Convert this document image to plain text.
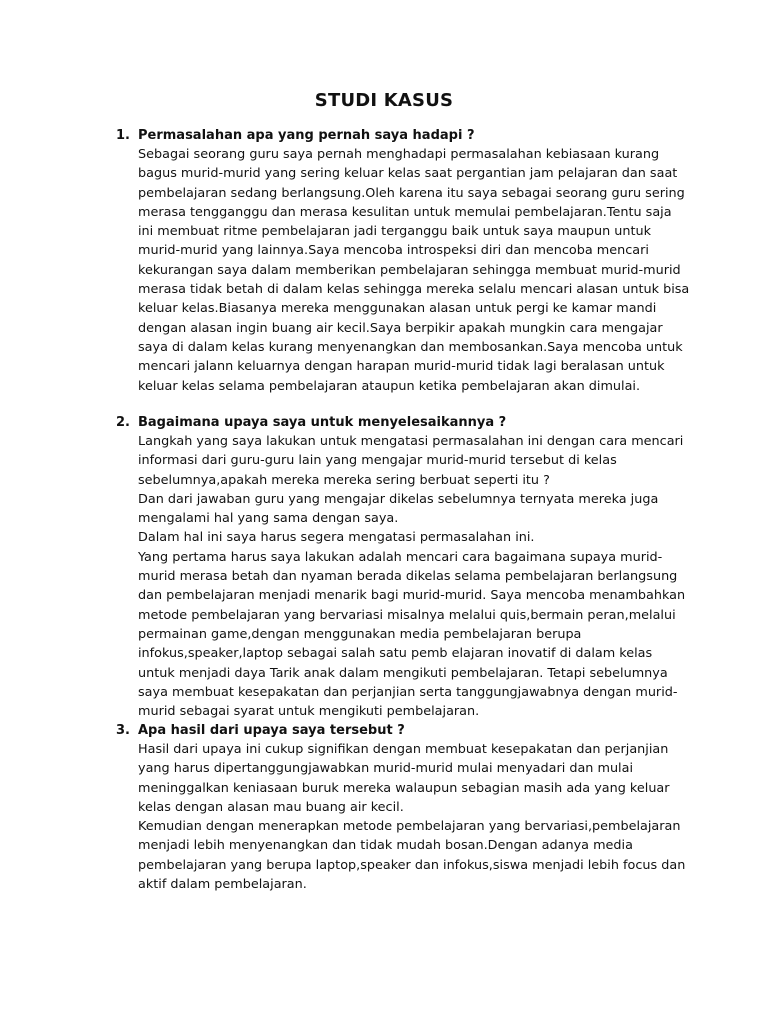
STUDI KASUS
1. Permasalahan apa yang pernah saya hadapi ?
Sebagai seorang guru saya pernah menghadapi permasalahan kebiasaan kurang
bagus murid-murid yang sering keluar kelas saat pergantian jam pelajaran dan saat
pembelajaran sedang berlangsung.Oleh karena itu saya sebagai seorang guru sering
merasa tengganggu dan merasa kesulitan untuk memulai pembelajaran.Tentu saja
ini membuat ritme pembelajaran jadi terganggu baik untuk saya maupun untuk
murid-murid yang lainnya.Saya mencoba introspeksi diri dan mencoba mencari
kekurangan saya dalam memberikan pembelajaran sehingga membuat murid-murid
merasa tidak betah di dalam kelas sehingga mereka selalu mencari alasan untuk bisa
keluar kelas.Biasanya mereka menggunakan alasan untuk pergi ke kamar mandi
dengan alasan ingin buang air kecil.Saya berpikir apakah mungkin cara mengajar
saya di dalam kelas kurang menyenangkan dan membosankan.Saya mencoba untuk
mencari jalann keluarnya dengan harapan murid-murid tidak lagi beralasan untuk
keluar kelas selama pembelajaran ataupun ketika pembelajaran akan dimulai.
2. Bagaimana upaya saya untuk menyelesaikannya ?
Langkah yang saya lakukan untuk mengatasi permasalahan ini dengan cara mencari
informasi dari guru-guru lain yang mengajar murid-murid tersebut di kelas
sebelumnya,apakah mereka mereka sering berbuat seperti itu ?
Dan dari jawaban guru yang mengajar dikelas sebelumnya ternyata mereka juga
mengalami hal yang sama dengan saya.
Dalam hal ini saya harus segera mengatasi permasalahan ini.
Yang pertama harus saya lakukan adalah mencari cara bagaimana supaya murid-
murid merasa betah dan nyaman berada dikelas selama pembelajaran berlangsung
dan pembelajaran menjadi menarik bagi murid-murid. Saya mencoba menambahkan
metode pembelajaran yang bervariasi misalnya melalui quis,bermain peran,melalui
permainan game,dengan menggunakan media pembelajaran berupa
infokus,speaker,laptop sebagai salah satu pemb elajaran inovatif di dalam kelas
untuk menjadi daya Tarik anak dalam mengikuti pembelajaran. Tetapi sebelumnya
saya membuat kesepakatan dan perjanjian serta tanggungjawabnya dengan murid-
murid sebagai syarat untuk mengikuti pembelajaran.
3. Apa hasil dari upaya saya tersebut ?
Hasil dari upaya ini cukup signifikan dengan membuat kesepakatan dan perjanjian
yang harus dipertanggungjawabkan murid-murid mulai menyadari dan mulai
meninggalkan keniasaan buruk mereka walaupun sebagian masih ada yang keluar
kelas dengan alasan mau buang air kecil.
Kemudian dengan menerapkan metode pembelajaran yang bervariasi,pembelajaran
menjadi lebih menyenangkan dan tidak mudah bosan.Dengan adanya media
pembelajaran yang berupa laptop,speaker dan infokus,siswa menjadi lebih focus dan
aktif dalam pembelajaran.
